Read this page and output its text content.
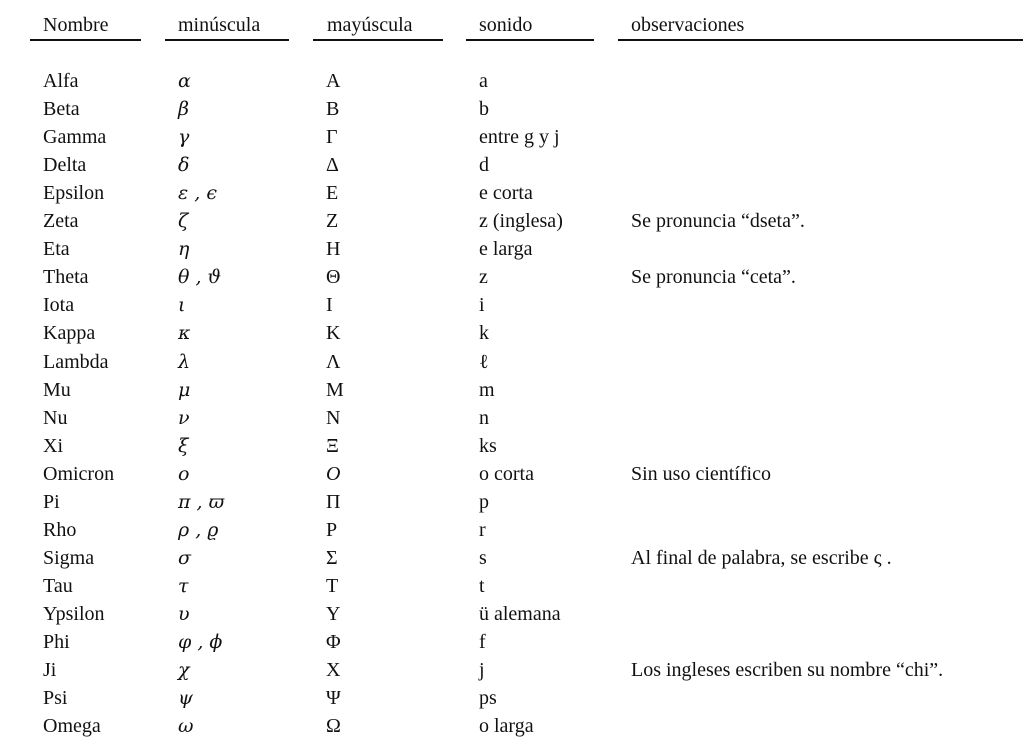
Nombre	minúscula	mayúscula	sonido	observaciones
Alfa	α	A	a
Beta	β	B	b
Gamma	γ	Γ	entre g y j
Delta	δ	Δ	d
Epsilon	ε , ϵ	E	e corta
Zeta	ζ	Z	z (inglesa)	Se pronuncia “dseta”.
Eta	η	H	e larga
Theta	θ , ϑ	Θ	z	Se pronuncia “ceta”.
Iota	ι	I	i
Kappa	κ	K	k
Lambda	λ	Λ	ℓ
Mu	μ	M	m
Nu	ν	N	n
Xi	ξ	Ξ	ks
Omicron	o	O	o corta	Sin uso científico
Pi	π , ϖ	Π	p
Rho	ρ , ϱ	P	r
Sigma	σ	Σ	s	Al final de palabra, se escribe ς .
Tau	τ	T	t
Ypsilon	υ	Y	ü alemana
Phi	φ , ϕ	Φ	f
Ji	χ	X	j	Los ingleses escriben su nombre “chi”.
Psi	ψ	Ψ	ps
Omega	ω	Ω	o larga
